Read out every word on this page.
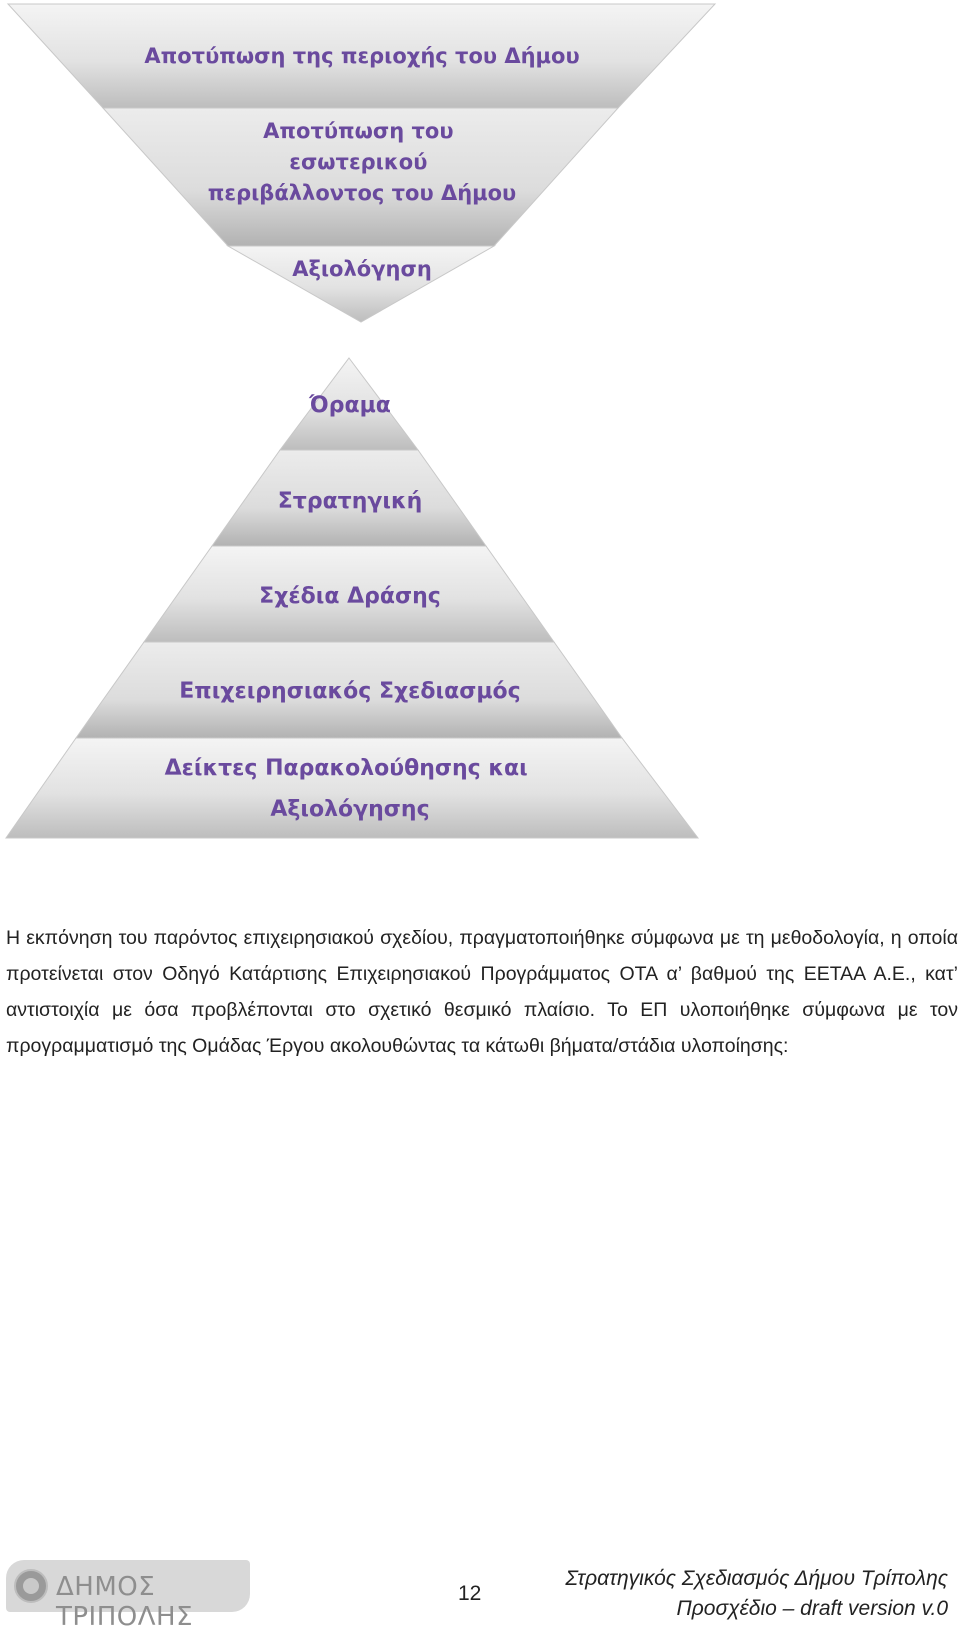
Αποτύπωση της περιοχής του Δήμου
Αποτύπωση του εσωτερικού περιβάλλοντος του Δήμου
Αξιολόγηση
Όραμα
Στρατηγική
Σχέδια Δράσης
Επιχειρησιακός Σχεδιασμός
Δείκτες Παρακολούθησης και Αξιολόγησης
Η εκπόνηση του παρόντος επιχειρησιακού σχεδίου, πραγματοποιήθηκε σύμφωνα με τη μεθοδολογία, η οποία προτείνεται στον Οδηγό Κατάρτισης Επιχειρησιακού Προγράμματος ΟΤΑ α’ βαθμού της ΕΕΤΑΑ Α.Ε., κατ’ αντιστοιχία με όσα προβλέπονται στο σχετικό θεσμικό πλαίσιο. Το ΕΠ υλοποιήθηκε σύμφωνα με τον προγραμματισμό της Ομάδας Έργου ακολουθώντας τα κάτωθι βήματα/στάδια υλοποίησης:
ΔΗΜΟΣ ΤΡΙΠΟΛΗΣ
12
Στρατηγικός Σχεδιασμός Δήμου Τρίπολης
Προσχέδιο – draft version v.0
